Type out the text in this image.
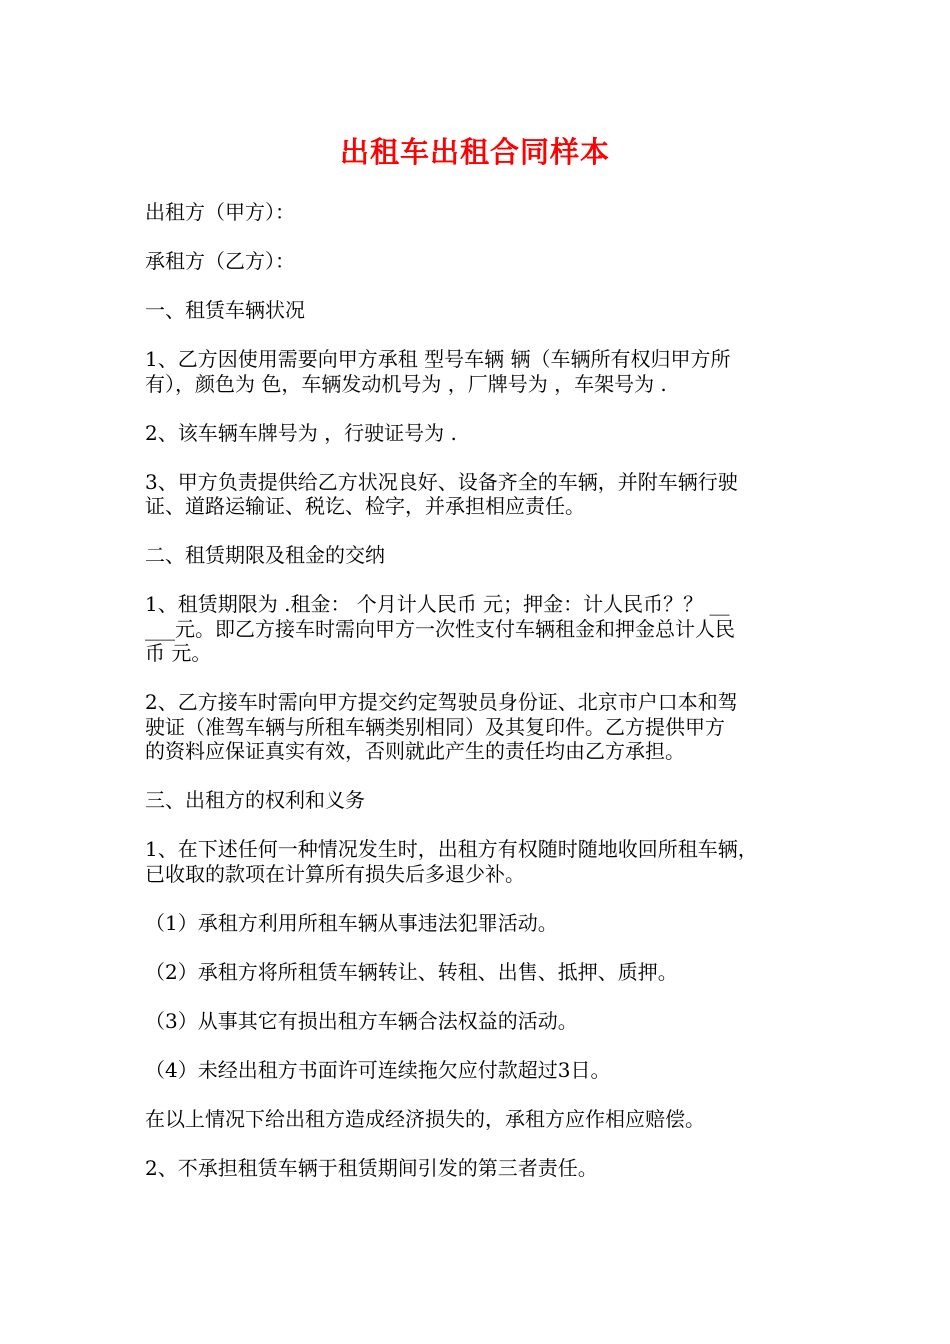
出租车出租合同样本
出租方（甲方）：
承租方（乙方）：
一、租赁车辆状况
1、乙方因使用需要向甲方承租 型号车辆 辆（车辆所有权归甲方所
有），颜色为 色，车辆发动机号为 ，厂牌号为 ，车架号为 .
2、该车辆车牌号为 ，行驶证号为 .
3、甲方负责提供给乙方状况良好、设备齐全的车辆，并附车辆行驶
证、道路运输证、税讫、检字，并承担相应责任。
二、租赁期限及租金的交纳
1、租赁期限为 .租金： 个月计人民币 元；押金：计人民币？？ __
___元。即乙方接车时需向甲方一次性支付车辆租金和押金总计人民
币 元。
2、乙方接车时需向甲方提交约定驾驶员身份证、北京市户口本和驾
驶证（准驾车辆与所租车辆类别相同）及其复印件。乙方提供甲方
的资料应保证真实有效，否则就此产生的责任均由乙方承担。
三、出租方的权利和义务
1、在下述任何一种情况发生时，出租方有权随时随地收回所租车辆，
已收取的款项在计算所有损失后多退少补。
（1）承租方利用所租车辆从事违法犯罪活动。
（2）承租方将所租赁车辆转让、转租、出售、抵押、质押。
（3）从事其它有损出租方车辆合法权益的活动。
（4）未经出租方书面许可连续拖欠应付款超过3日。
在以上情况下给出租方造成经济损失的，承租方应作相应赔偿。
2、不承担租赁车辆于租赁期间引发的第三者责任。
